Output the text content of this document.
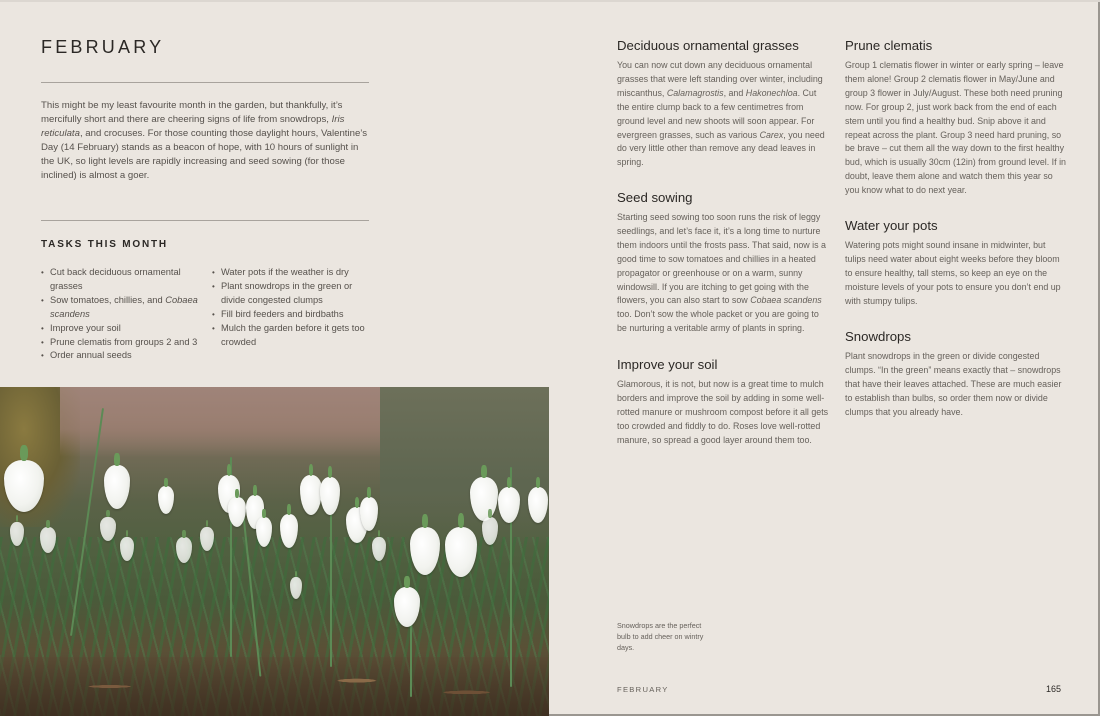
FEBRUARY

This might be my least favourite month in the garden, but thankfully, it’s mercifully short and there are cheering signs of life from snowdrops, Iris reticulata, and crocuses. For those counting those daylight hours, Valentine’s Day (14 February) stands as a beacon of hope, with 10 hours of sunlight in the UK, so light levels are rapidly increasing and seed sowing (for those inclined) is almost a goer.

TASKS THIS MONTH
• Cut back deciduous ornamental grasses
• Sow tomatoes, chillies, and Cobaea scandens
• Improve your soil
• Prune clematis from groups 2 and 3
• Order annual seeds
• Water pots if the weather is dry
• Plant snowdrops in the green or divide congested clumps
• Fill bird feeders and birdbaths
• Mulch the garden before it gets too crowded
Deciduous ornamental grasses

You can now cut down any deciduous ornamental grasses that were left standing over winter, including miscanthus, Calamagrostis, and Hakonechloa. Cut the entire clump back to a few centimetres from ground level and new shoots will soon appear. For evergreen grasses, such as various Carex, you need do very little other than remove any dead leaves in spring.

Seed sowing

Starting seed sowing too soon runs the risk of leggy seedlings, and let’s face it, it’s a long time to nurture them indoors until the frosts pass. That said, now is a good time to sow tomatoes and chillies in a heated propagator or greenhouse or on a warm, sunny windowsill. If you are itching to get going with the flowers, you can also start to sow Cobaea scandens too. Don’t sow the whole packet or you are going to be nurturing a veritable army of plants in spring.

Improve your soil

Glamorous, it is not, but now is a great time to mulch borders and improve the soil by adding in some well-rotted manure or mushroom compost before it all gets too crowded and fiddly to do. Roses love well-rotted manure, so spread a good layer around them too.

Prune clematis

Group 1 clematis flower in winter or early spring – leave them alone! Group 2 clematis flower in May/June and group 3 flower in July/August. These both need pruning now. For group 2, just work back from the end of each stem until you find a healthy bud. Snip above it and repeat across the plant. Group 3 need hard pruning, so be brave – cut them all the way down to the first healthy bud, which is usually 30cm (12in) from ground level. If in doubt, leave them alone and watch them this year so you know what to do next year.

Water your pots

Watering pots might sound insane in midwinter, but tulips need water about eight weeks before they bloom to ensure healthy, tall stems, so keep an eye on the moisture levels of your pots to ensure you don’t end up with stumpy tulips.

Snowdrops

Plant snowdrops in the green or divide congested clumps. “In the green” means exactly that – snowdrops that have their leaves attached. These are much easier to establish than bulbs, so order them now or divide clumps that you already have.

Snowdrops are the perfect bulb to add cheer on wintry days.

FEBRUARY	165
